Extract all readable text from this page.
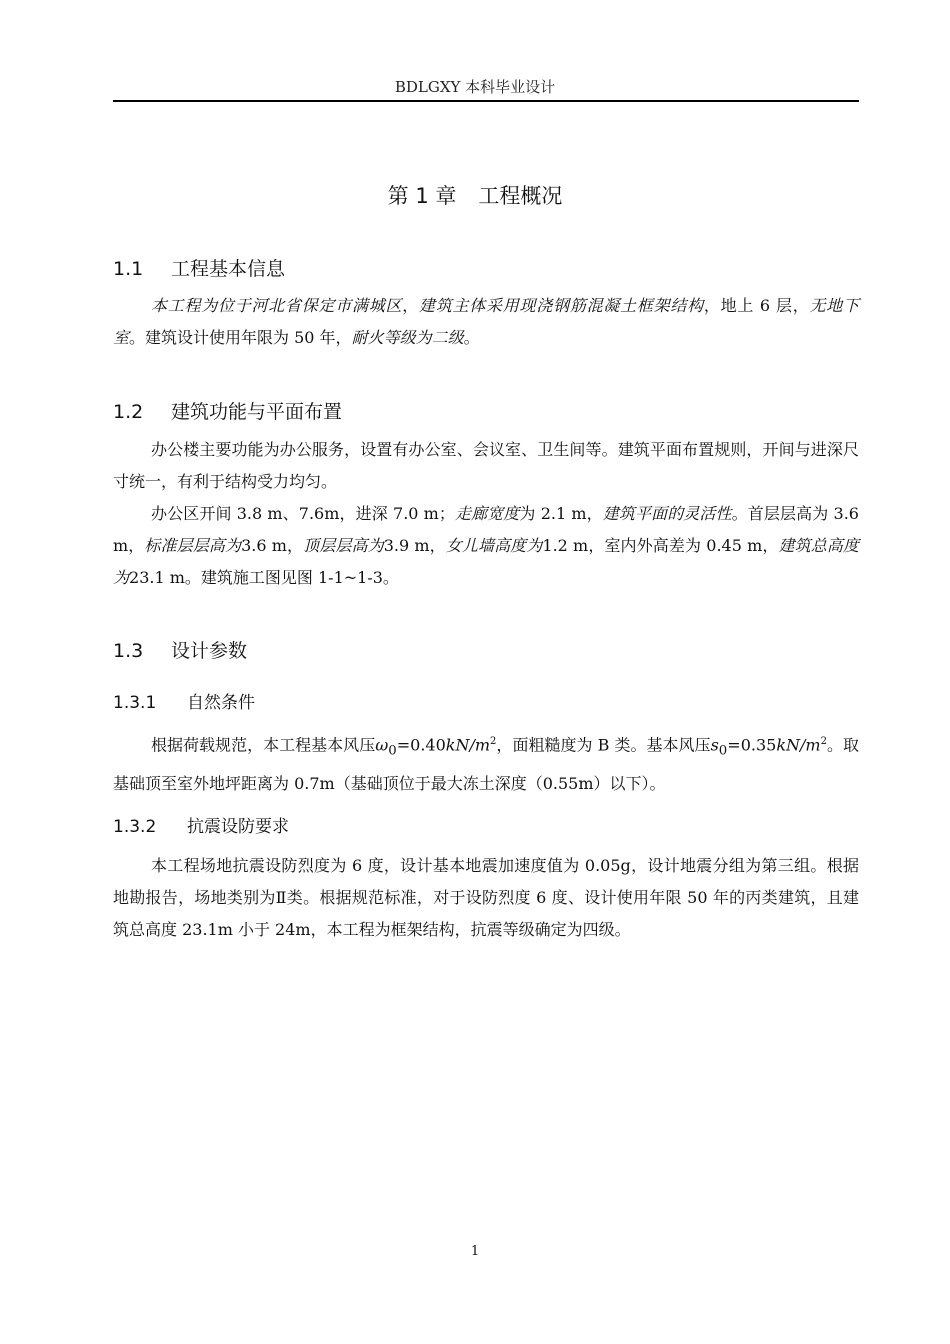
BDLGXY 本科毕业设计
第 1 章 工程概况
1.1 工程基本信息
本工程为位于河北省保定市满城区，建筑主体采用现浇钢筋混凝土框架结构，地上 6 层，无地下室。建筑设计使用年限为 50 年，耐火等级为二级。
1.2 建筑功能与平面布置
办公楼主要功能为办公服务，设置有办公室、会议室、卫生间等。建筑平面布置规则，开间与进深尺寸统一，有利于结构受力均匀。
办公区开间 3.8 m、7.6m，进深 7.0 m；走廊宽度为 2.1 m，建筑平面的灵活性。首层层高为 3.6 m，标准层层高为3.6 m，顶层层高为3.9 m，女儿墙高度为1.2 m，室内外高差为 0.45 m，建筑总高度为23.1 m。建筑施工图见图 1-1~1-3。
1.3 设计参数
1.3.1 自然条件
根据荷载规范，本工程基本风压$\omega_0=0.40kN/m^2$，面粗糙度为 B 类。基本风压$s_0=0.35kN/m^2$。取基础顶至室外地坪距离为 0.7m（基础顶位于最大冻土深度（0.55m）以下）。
1.3.2 抗震设防要求
本工程场地抗震设防烈度为 6 度，设计基本地震加速度值为 0.05g，设计地震分组为第三组。根据地勘报告，场地类别为Ⅱ类。根据规范标准，对于设防烈度 6 度、设计使用年限 50 年的丙类建筑，且建筑总高度 23.1m 小于 24m，本工程为框架结构，抗震等级确定为四级。
1
